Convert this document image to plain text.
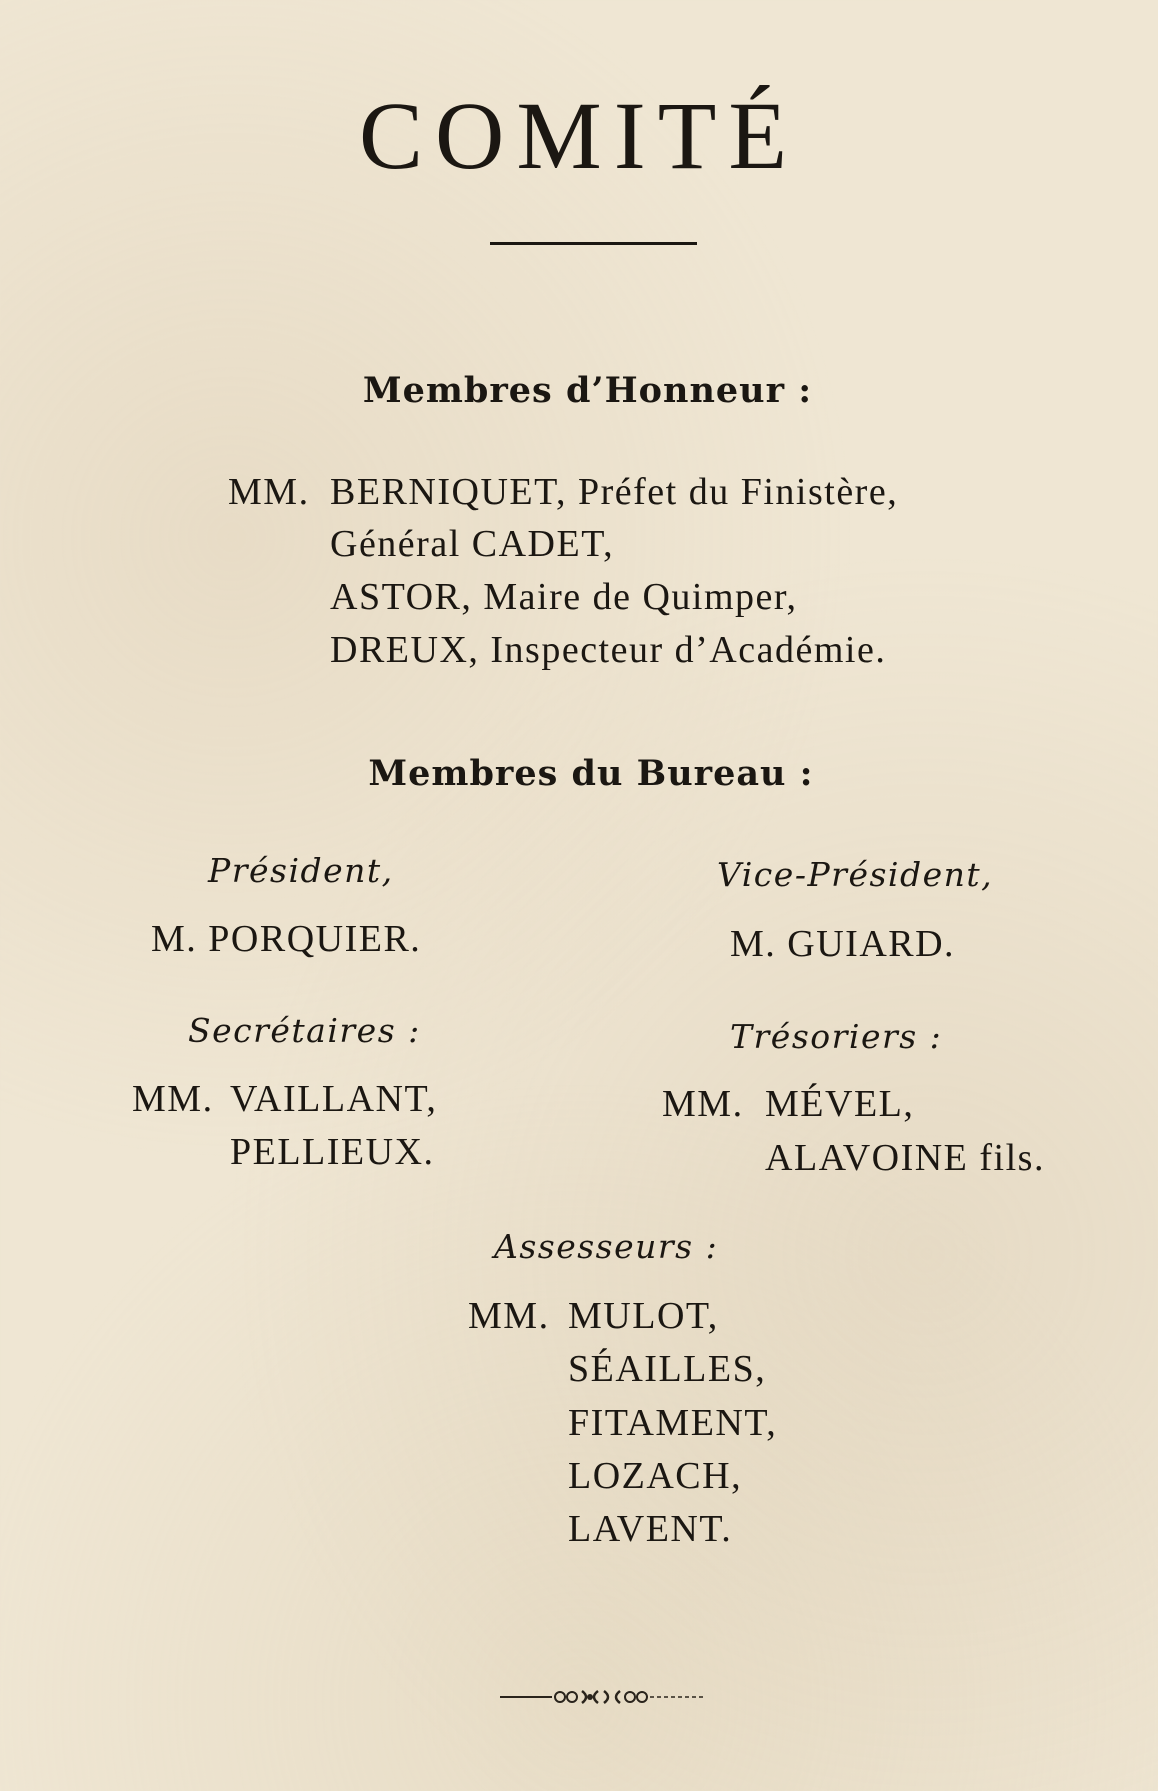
COMITÉ
Membres d’Honneur :
MM. BERNIQUET, Préfet du Finistère,
Général CADET,
ASTOR, Maire de Quimper,
DREUX, Inspecteur d’Académie.
Membres du Bureau :
Président,
M. PORQUIER.
Vice-Président,
M. GUIARD.
Secrétaires :
MM. VAILLANT,
PELLIEUX.
Trésoriers :
MM. MÉVEL,
ALAVOINE fils.
Assesseurs :
MM. MULOT,
SÉAILLES,
FITAMENT,
LOZACH,
LAVENT.
